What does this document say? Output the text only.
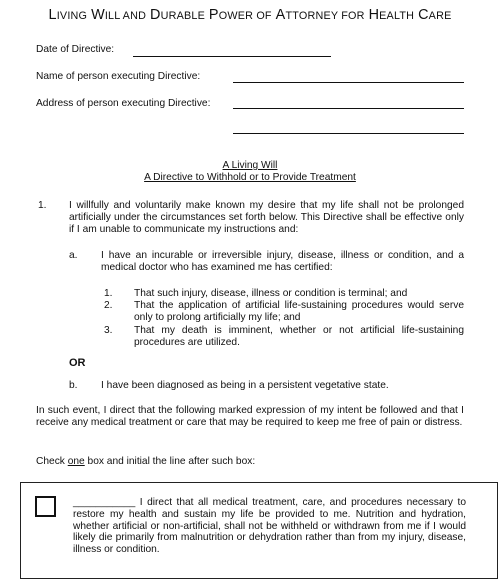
LIVING WILL AND DURABLE POWER OF ATTORNEY FOR HEALTH CARE
Date of Directive:
Name of person executing Directive:
Address of person executing Directive:
A Living Will
A Directive to Withhold or to Provide Treatment
1. I willfully and voluntarily make known my desire that my life shall not be prolonged artificially under the circumstances set forth below. This Directive shall be effective only if I am unable to communicate my instructions and:
a. I have an incurable or irreversible injury, disease, illness or condition, and a medical doctor who has examined me has certified:
1. That such injury, disease, illness or condition is terminal; and
2. That the application of artificial life-sustaining procedures would serve only to prolong artificially my life; and
3. That my death is imminent, whether or not artificial life-sustaining procedures are utilized.
OR
b. I have been diagnosed as being in a persistent vegetative state.
In such event, I direct that the following marked expression of my intent be followed and that I receive any medical treatment or care that may be required to keep me free of pain or distress.
Check one box and initial the line after such box:
___________ I direct that all medical treatment, care, and procedures necessary to restore my health and sustain my life be provided to me. Nutrition and hydration, whether artificial or non-artificial, shall not be withheld or withdrawn from me if I would likely die primarily from malnutrition or dehydration rather than from my injury, disease, illness or condition.
